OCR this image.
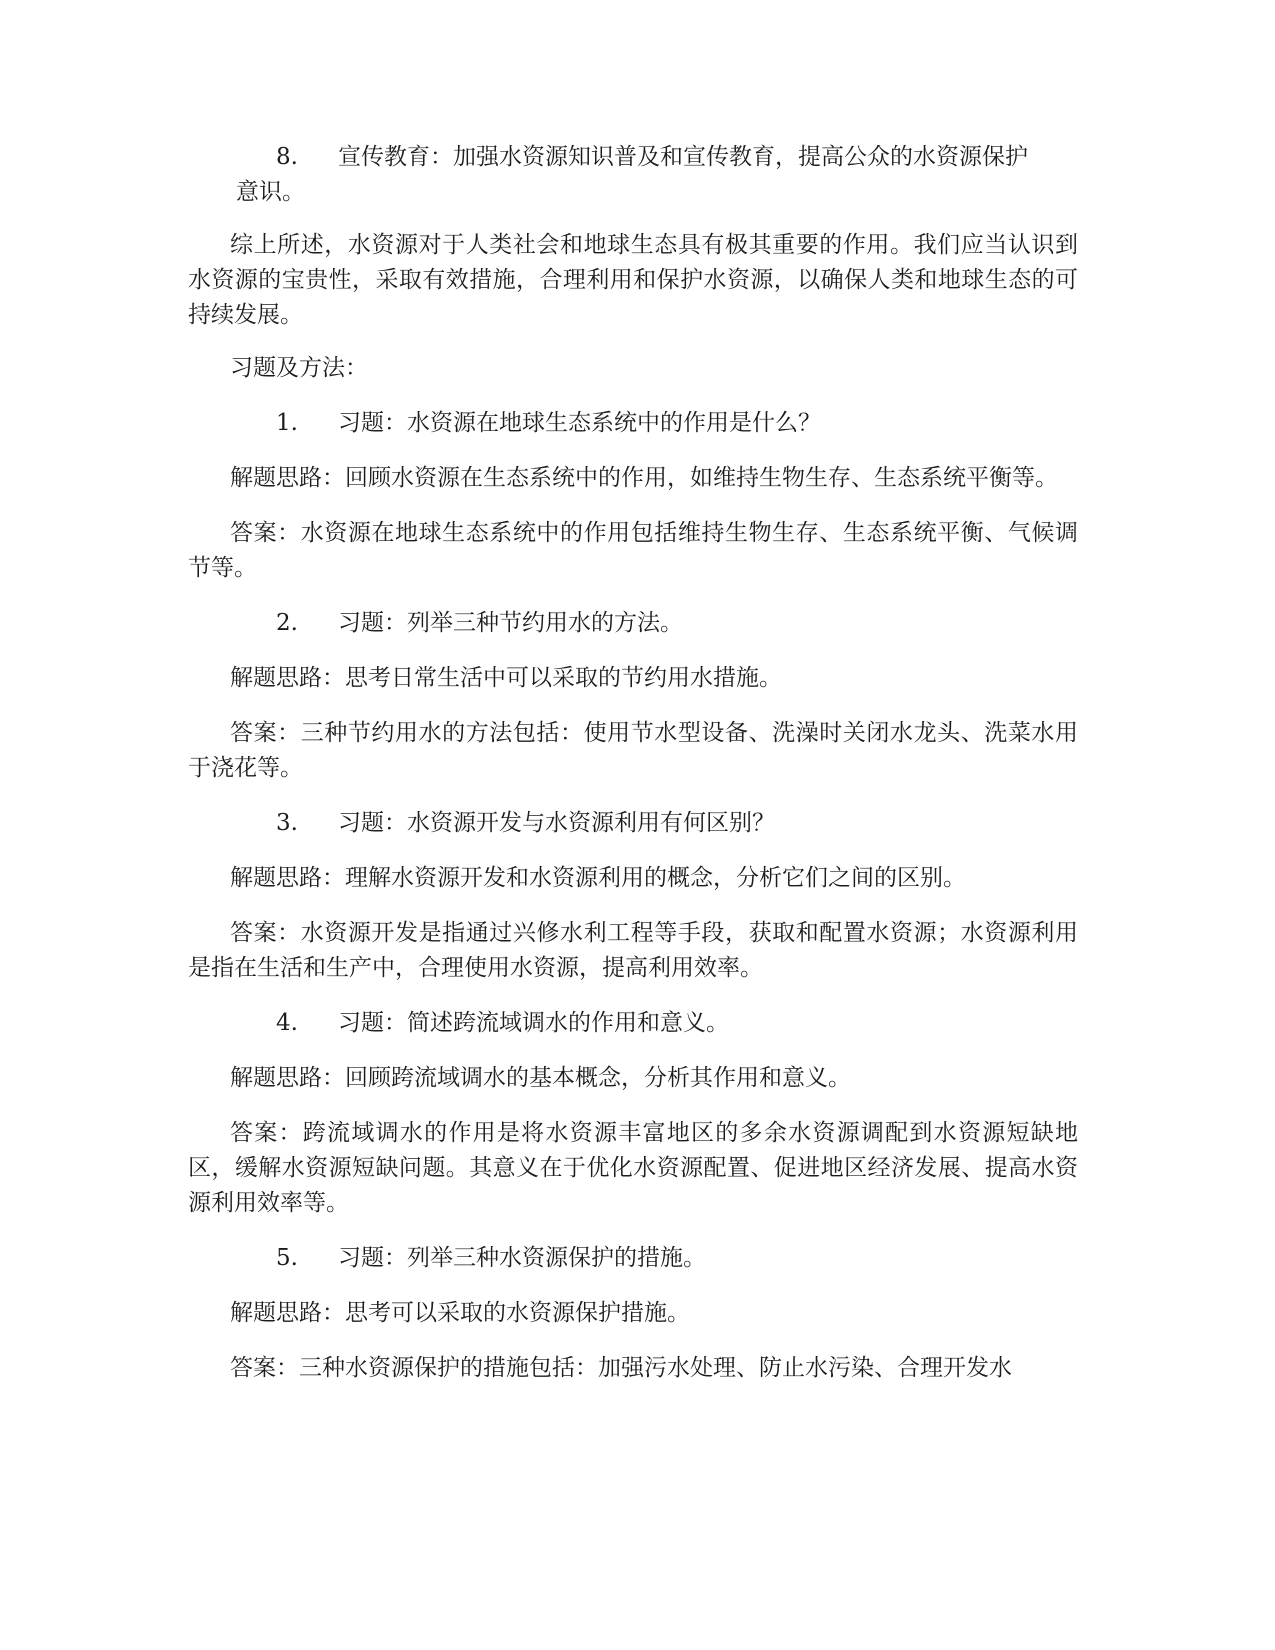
8. 宣传教育：加强水资源知识普及和宣传教育，提高公众的水资源保护
意识。

综上所述，水资源对于人类社会和地球生态具有极其重要的作用。我们应当认识到水资源的宝贵性，采取有效措施，合理利用和保护水资源，以确保人类和地球生态的可持续发展。

习题及方法：

1. 习题：水资源在地球生态系统中的作用是什么？

解题思路：回顾水资源在生态系统中的作用，如维持生物生存、生态系统平衡等。

答案：水资源在地球生态系统中的作用包括维持生物生存、生态系统平衡、气候调节等。

2. 习题：列举三种节约用水的方法。

解题思路：思考日常生活中可以采取的节约用水措施。

答案：三种节约用水的方法包括：使用节水型设备、洗澡时关闭水龙头、洗菜水用于浇花等。

3. 习题：水资源开发与水资源利用有何区别？

解题思路：理解水资源开发和水资源利用的概念，分析它们之间的区别。

答案：水资源开发是指通过兴修水利工程等手段，获取和配置水资源；水资源利用是指在生活和生产中，合理使用水资源，提高利用效率。

4. 习题：简述跨流域调水的作用和意义。

解题思路：回顾跨流域调水的基本概念，分析其作用和意义。

答案：跨流域调水的作用是将水资源丰富地区的多余水资源调配到水资源短缺地区，缓解水资源短缺问题。其意义在于优化水资源配置、促进地区经济发展、提高水资源利用效率等。

5. 习题：列举三种水资源保护的措施。

解题思路：思考可以采取的水资源保护措施。

答案：三种水资源保护的措施包括：加强污水处理、防止水污染、合理开发水
